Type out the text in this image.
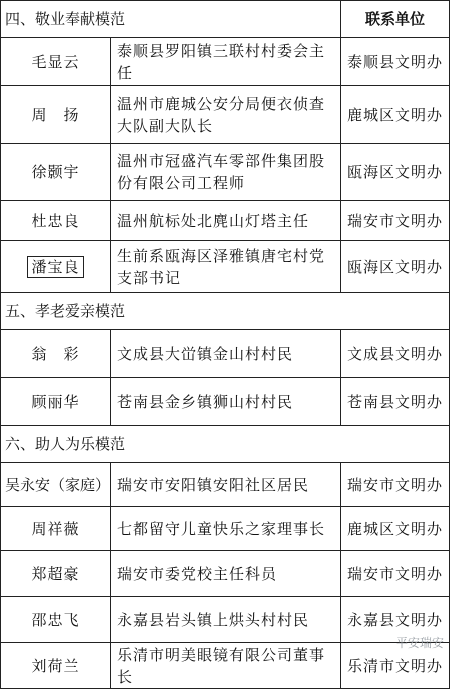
四、敬业奉献模范		联系单位
毛显云	泰顺县罗阳镇三联村村委会主任	泰顺县文明办
周　扬	温州市鹿城公安分局便衣侦查大队副大队长	鹿城区文明办
徐颢宇	温州市冠盛汽车零部件集团股份有限公司工程师	瓯海区文明办
杜忠良	温州航标处北麂山灯塔主任	瑞安市文明办
潘宝良	生前系瓯海区泽雅镇唐宅村党支部书记	瓯海区文明办
五、孝老爱亲模范		
翁　彩	文成县大峃镇金山村村民	文成县文明办
顾丽华	苍南县金乡镇狮山村村民	苍南县文明办
六、助人为乐模范		
吴永安（家庭）	瑞安市安阳镇安阳社区居民	瑞安市文明办
周祥薇	七都留守儿童快乐之家理事长	鹿城区文明办
郑超豪	瑞安市委党校主任科员	瑞安市文明办
邵忠飞	永嘉县岩头镇上烘头村村民	永嘉县文明办
刘荷兰	乐清市明美眼镜有限公司董事长	乐清市文明办
平安瑞安
